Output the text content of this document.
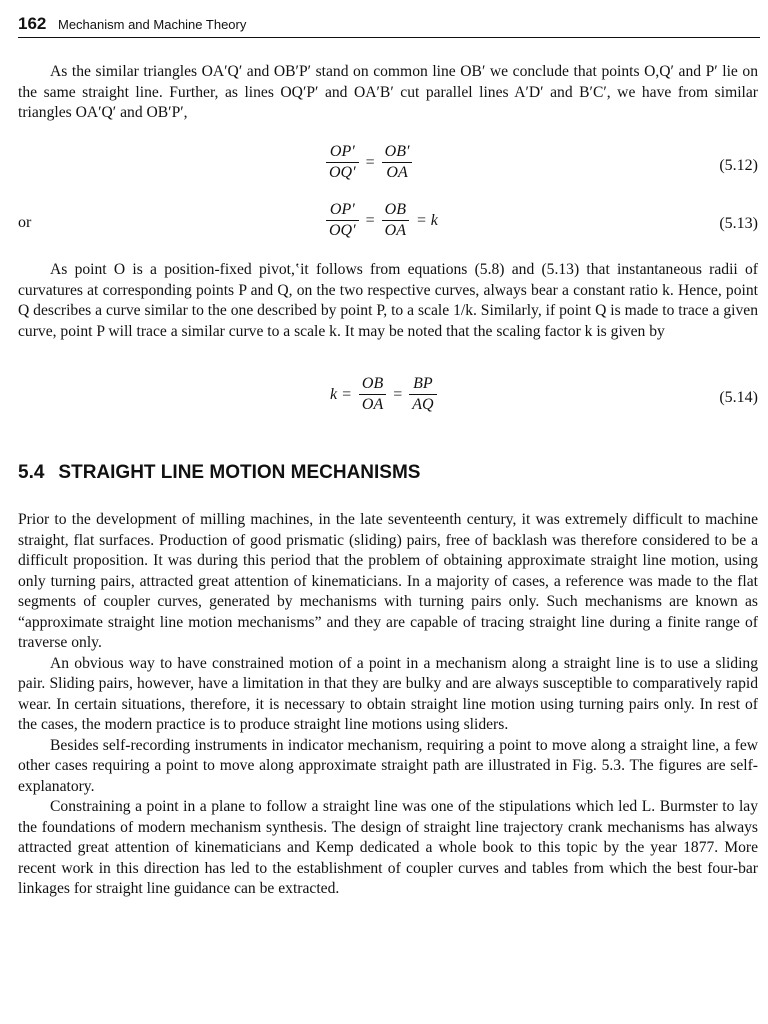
162 Mechanism and Machine Theory

As the similar triangles OA′Q′ and OB′P′ stand on common line OB′ we conclude that points O,Q′ and P′ lie on the same straight line. Further, as lines OQ′P′ and OA′B′ cut parallel lines A′D′ and B′C′, we have from similar triangles OA′Q′ and OB′P′,

$\frac{OP'}{OQ'} = \frac{OB'}{OA}$	(5.12)
or	$\frac{OP'}{OQ'} = \frac{OB}{OA} = k$	(5.13)

As point O is a position-fixed pivot,‛it follows from equations (5.8) and (5.13) that instantaneous radii of curvatures at corresponding points P and Q, on the two respective curves, always bear a constant ratio k. Hence, point Q describes a curve similar to the one described by point P, to a scale 1/k. Similarly, if point Q is made to trace a given curve, point P will trace a similar curve to a scale k. It may be noted that the scaling factor k is given by

$k = \frac{OB}{OA} = \frac{BP}{AQ}$	(5.14)
5.4 STRAIGHT LINE MOTION MECHANISMS

Prior to the development of milling machines, in the late seventeenth century, it was extremely difficult to machine straight, flat surfaces. Production of good prismatic (sliding) pairs, free of backlash was therefore considered to be a difficult proposition. It was during this period that the problem of obtaining approximate straight line motion, using only turning pairs, attracted great attention of kinematicians. In a majority of cases, a reference was made to the flat segments of coupler curves, generated by mechanisms with turning pairs only. Such mechanisms are known as “approximate straight line motion mechanisms” and they are capable of tracing straight line during a finite range of traverse only.

An obvious way to have constrained motion of a point in a mechanism along a straight line is to use a sliding pair. Sliding pairs, however, have a limitation in that they are bulky and are always susceptible to comparatively rapid wear. In certain situations, therefore, it is necessary to obtain straight line motion using turning pairs only. In rest of the cases, the modern practice is to produce straight line motions using sliders.

Besides self-recording instruments in indicator mechanism, requiring a point to move along a straight line, a few other cases requiring a point to move along approximate straight path are illustrated in Fig. 5.3. The figures are self-explanatory.

Constraining a point in a plane to follow a straight line was one of the stipulations which led L. Burmster to lay the foundations of modern mechanism synthesis. The design of straight line trajectory crank mechanisms has always attracted great attention of kinematicians and Kemp dedicated a whole book to this topic by the year 1877. More recent work in this direction has led to the establishment of coupler curves and tables from which the best four-bar linkages for straight line guidance can be extracted.
